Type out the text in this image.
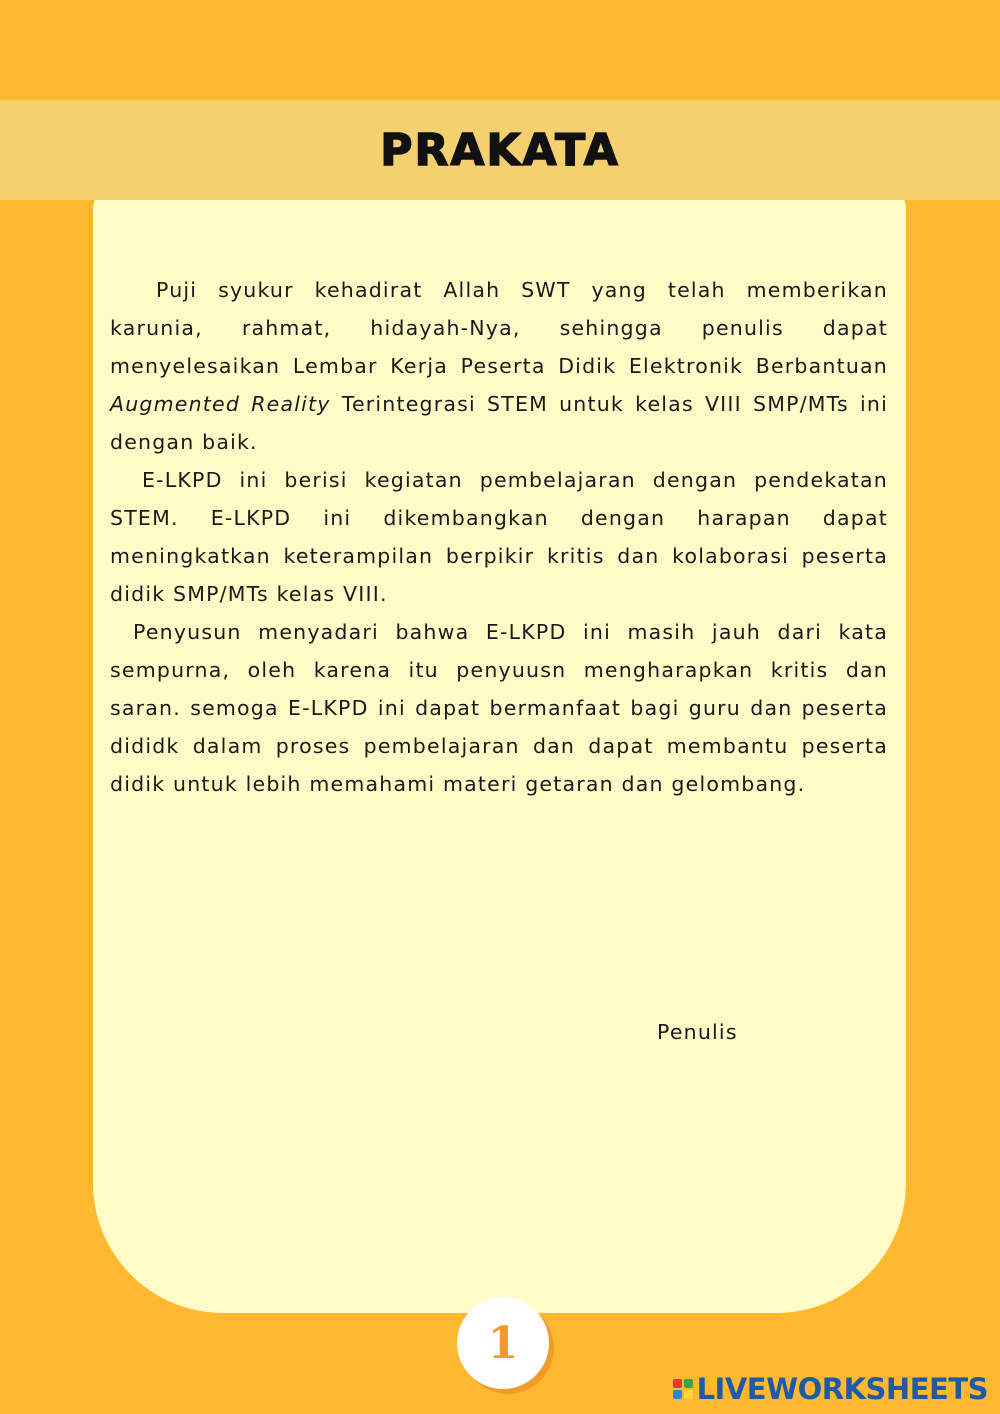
PRAKATA

Puji syukur kehadirat Allah SWT yang telah memberikan karunia, rahmat, hidayah-Nya, sehingga penulis dapat menyelesaikan Lembar Kerja Peserta Didik Elektronik Berbantuan Augmented Reality Terintegrasi STEM untuk kelas VIII SMP/MTs ini dengan baik.

E-LKPD ini berisi kegiatan pembelajaran dengan pendekatan STEM. E-LKPD ini dikembangkan dengan harapan dapat meningkatkan keterampilan berpikir kritis dan kolaborasi peserta didik SMP/MTs kelas VIII.

Penyusun menyadari bahwa E-LKPD ini masih jauh dari kata sempurna, oleh karena itu penyuusn mengharapkan kritis dan saran. semoga E-LKPD ini dapat bermanfaat bagi guru dan peserta dididk dalam proses pembelajaran dan dapat membantu peserta didik untuk lebih memahami materi getaran dan gelombang.

Penulis
1
LIVEWORKSHEETS
